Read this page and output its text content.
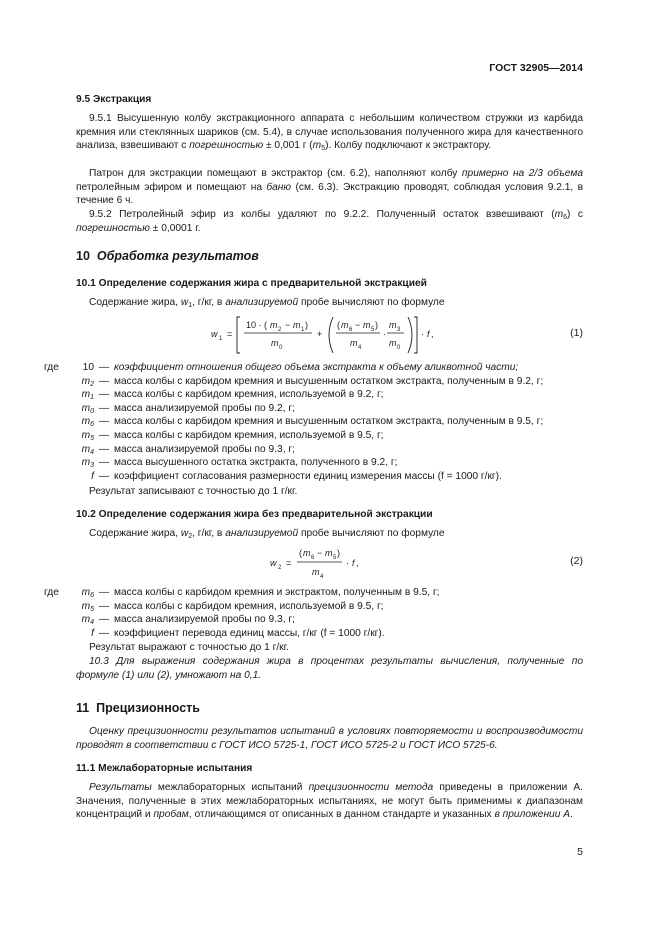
ГОСТ 32905—2014
9.5 Экстракция
9.5.1 Высушенную колбу экстракционного аппарата с небольшим количеством стружки из карбида кремния или стеклянных шариков (см. 5.4), в случае использования полученного жира для качественного анализа, взвешивают с погрешностью ± 0,001 г $(m_5)$. Колбу подключают к экстрактору.
Патрон для экстракции помещают в экстрактор (см. 6.2), наполняют колбу примерно на 2/3 объема петролейным эфиром и помещают на баню (см. 6.3). Экстракцию проводят, соблюдая условия 9.2.1, в течение 6 ч.
9.5.2 Петролейный эфир из колбы удаляют по 9.2.2. Полученный остаток взвешивают $(m_6)$ с погрешностью ± 0,0001 г.
10 Обработка результатов
10.1 Определение содержания жира с предварительной экстракцией
Содержание жира, $w_1$, г/кг, в анализируемой пробе вычисляют по формуле
w 1 =
10 · ( m 2 − m 1 )
m 0
+
( m 6 − m 5 )
m 4
·
m 3
m 0
· f ,	(1)
где	10 — коэффициент отношения общего объема экстракта к объему аликвотной части;
$m_2$ — масса колбы с карбидом кремния и высушенным остатком экстракта, полученным в 9.2, г;
$m_1$ — масса колбы с карбидом кремния, используемой в 9.2, г;
$m_0$ — масса анализируемой пробы по 9.2, г;
$m_6$ — масса колбы с карбидом кремния и высушенным остатком экстракта, полученным в 9.5, г;
$m_5$ — масса колбы с карбидом кремния, используемой в 9.5, г;
$m_4$ — масса анализируемой пробы по 9.3, г;
$m_3$ — масса высушенного остатка экстракта, полученного в 9.2, г;
f — коэффициент согласования размерности единиц измерения массы (f = 1000 г/кг).
Результат записывают с точностью до 1 г/кг.
10.2 Определение содержания жира без предварительной экстракции
Содержание жира, $w_2$, г/кг, в анализируемой пробе вычисляют по формуле
w 2 =
( m 6 − m 5 )
m 4
· f ,	(2)
где	$m_6$ — масса колбы с карбидом кремния и экстрактом, полученным в 9.5, г;
$m_5$ — масса колбы с карбидом кремния, используемой в 9.5, г;
$m_4$ — масса анализируемой пробы по 9.3, г;
f — коэффициент перевода единиц массы, г/кг (f = 1000 г/кг).
Результат выражают с точностью до 1 г/кг.
10.3 Для выражения содержания жира в процентах результаты вычисления, полученные по формуле (1) или (2), умножают на 0,1.
11 Прецизионность
Оценку прецизионности результатов испытаний в условиях повторяемости и воспроизводимости проводят в соответствии с ГОСТ ИСО 5725-1, ГОСТ ИСО 5725-2 и ГОСТ ИСО 5725-6.
11.1 Межлабораторные испытания
Результаты межлабораторных испытаний прецизионности метода приведены в приложении А. Значения, полученные в этих межлабораторных испытаниях, не могут быть применимы к диапазонам концентраций и пробам, отличающимся от описанных в данном стандарте и указанных в приложении А.
5
